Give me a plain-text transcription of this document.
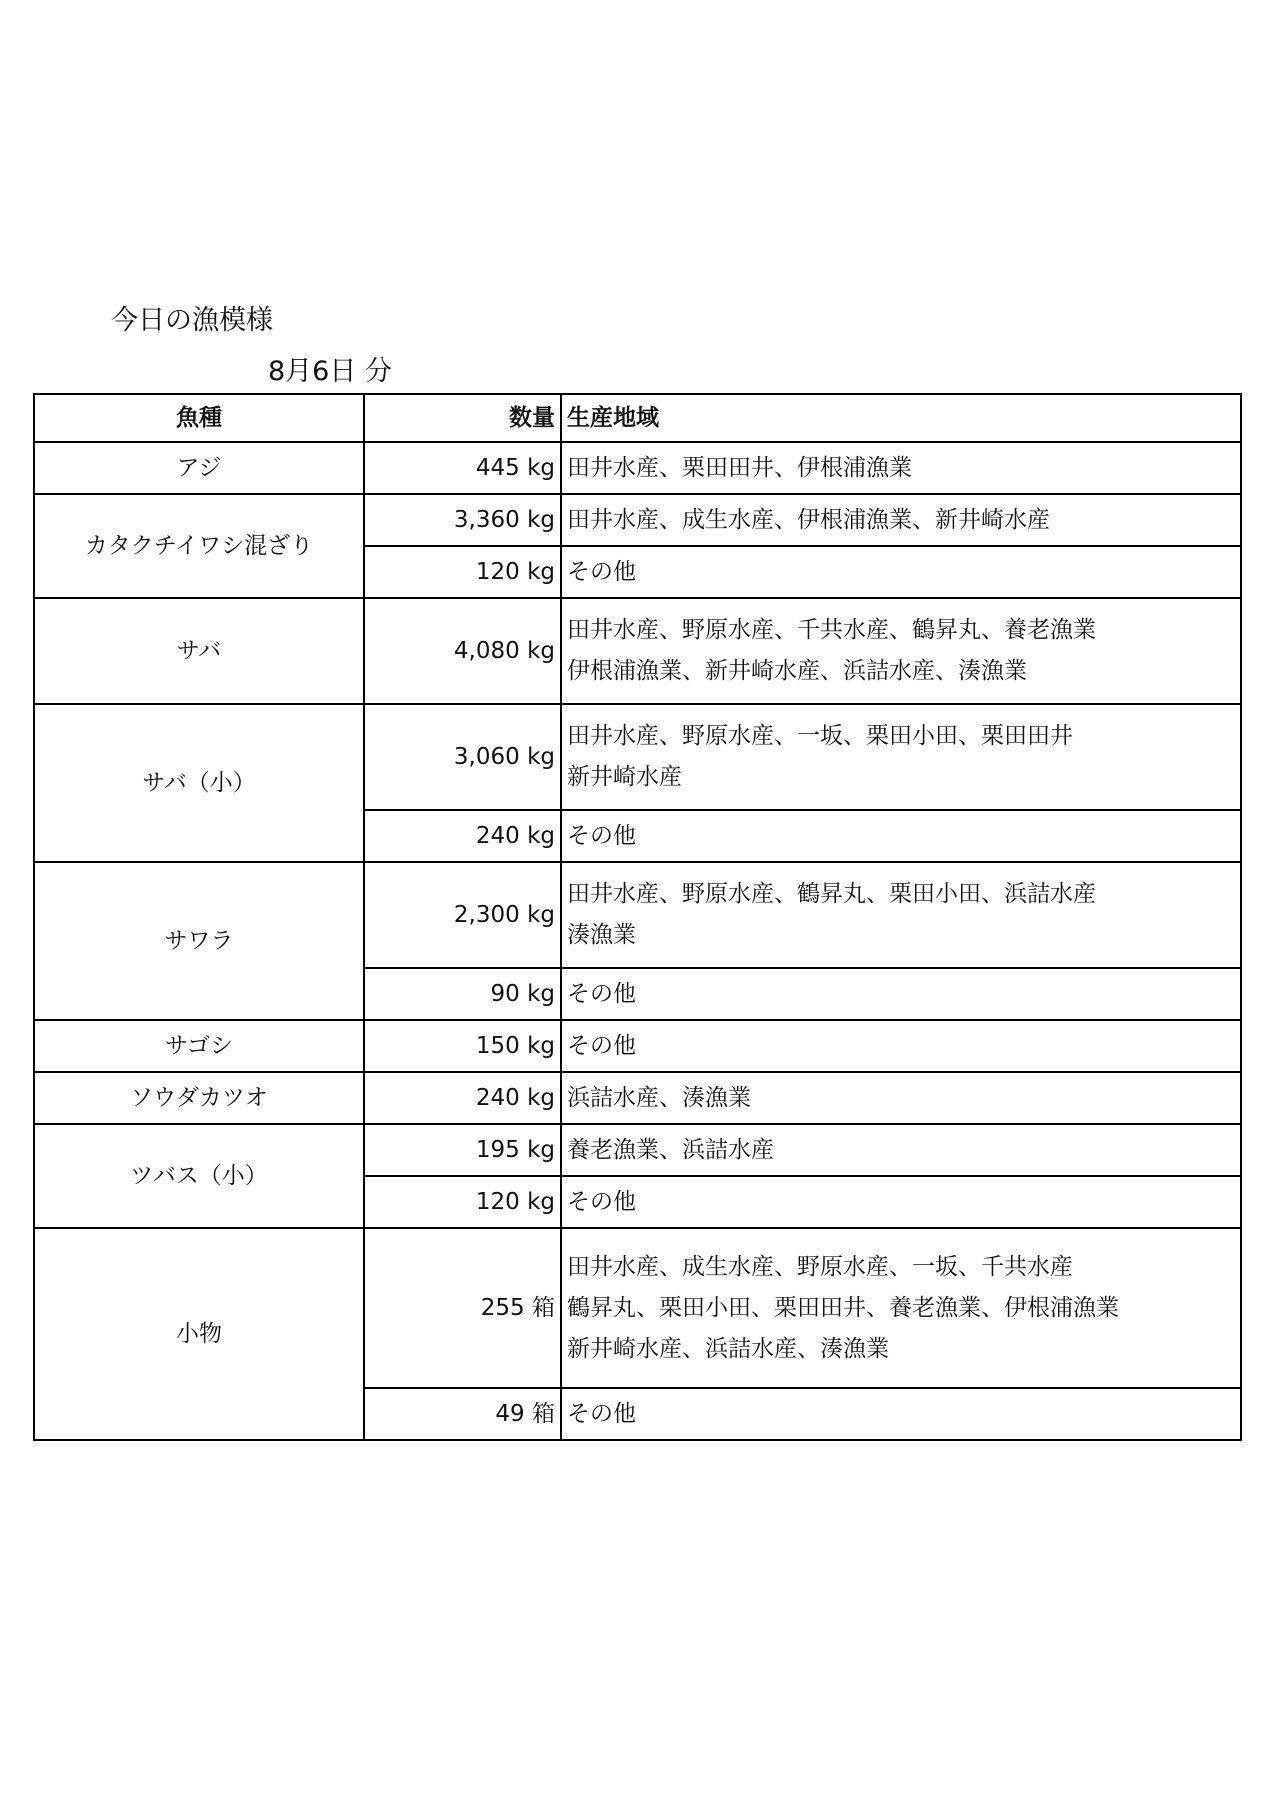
今日の漁模様
8月6日 分
魚種	数量	生産地域
アジ	445 kg	田井水産、栗田田井、伊根浦漁業

カタクチイワシ混ざり	3,360 kg	田井水産、成生水産、伊根浦漁業、新井崎水産

	120 kg	その他

サバ	4,080 kg	田井水産、野原水産、千共水産、鶴昇丸、養老漁業
伊根浦漁業、新井崎水産、浜詰水産、湊漁業

サバ（小）	3,060 kg	田井水産、野原水産、一坂、栗田小田、栗田田井
新井崎水産

	240 kg	その他

サワラ	2,300 kg	田井水産、野原水産、鶴昇丸、栗田小田、浜詰水産
湊漁業

	90 kg	その他

サゴシ	150 kg	その他

ソウダカツオ	240 kg	浜詰水産、湊漁業

ツバス（小）	195 kg	養老漁業、浜詰水産

	120 kg	その他

小物	255 箱	田井水産、成生水産、野原水産、一坂、千共水産
鶴昇丸、栗田小田、栗田田井、養老漁業、伊根浦漁業
新井崎水産、浜詰水産、湊漁業

	49 箱	その他
